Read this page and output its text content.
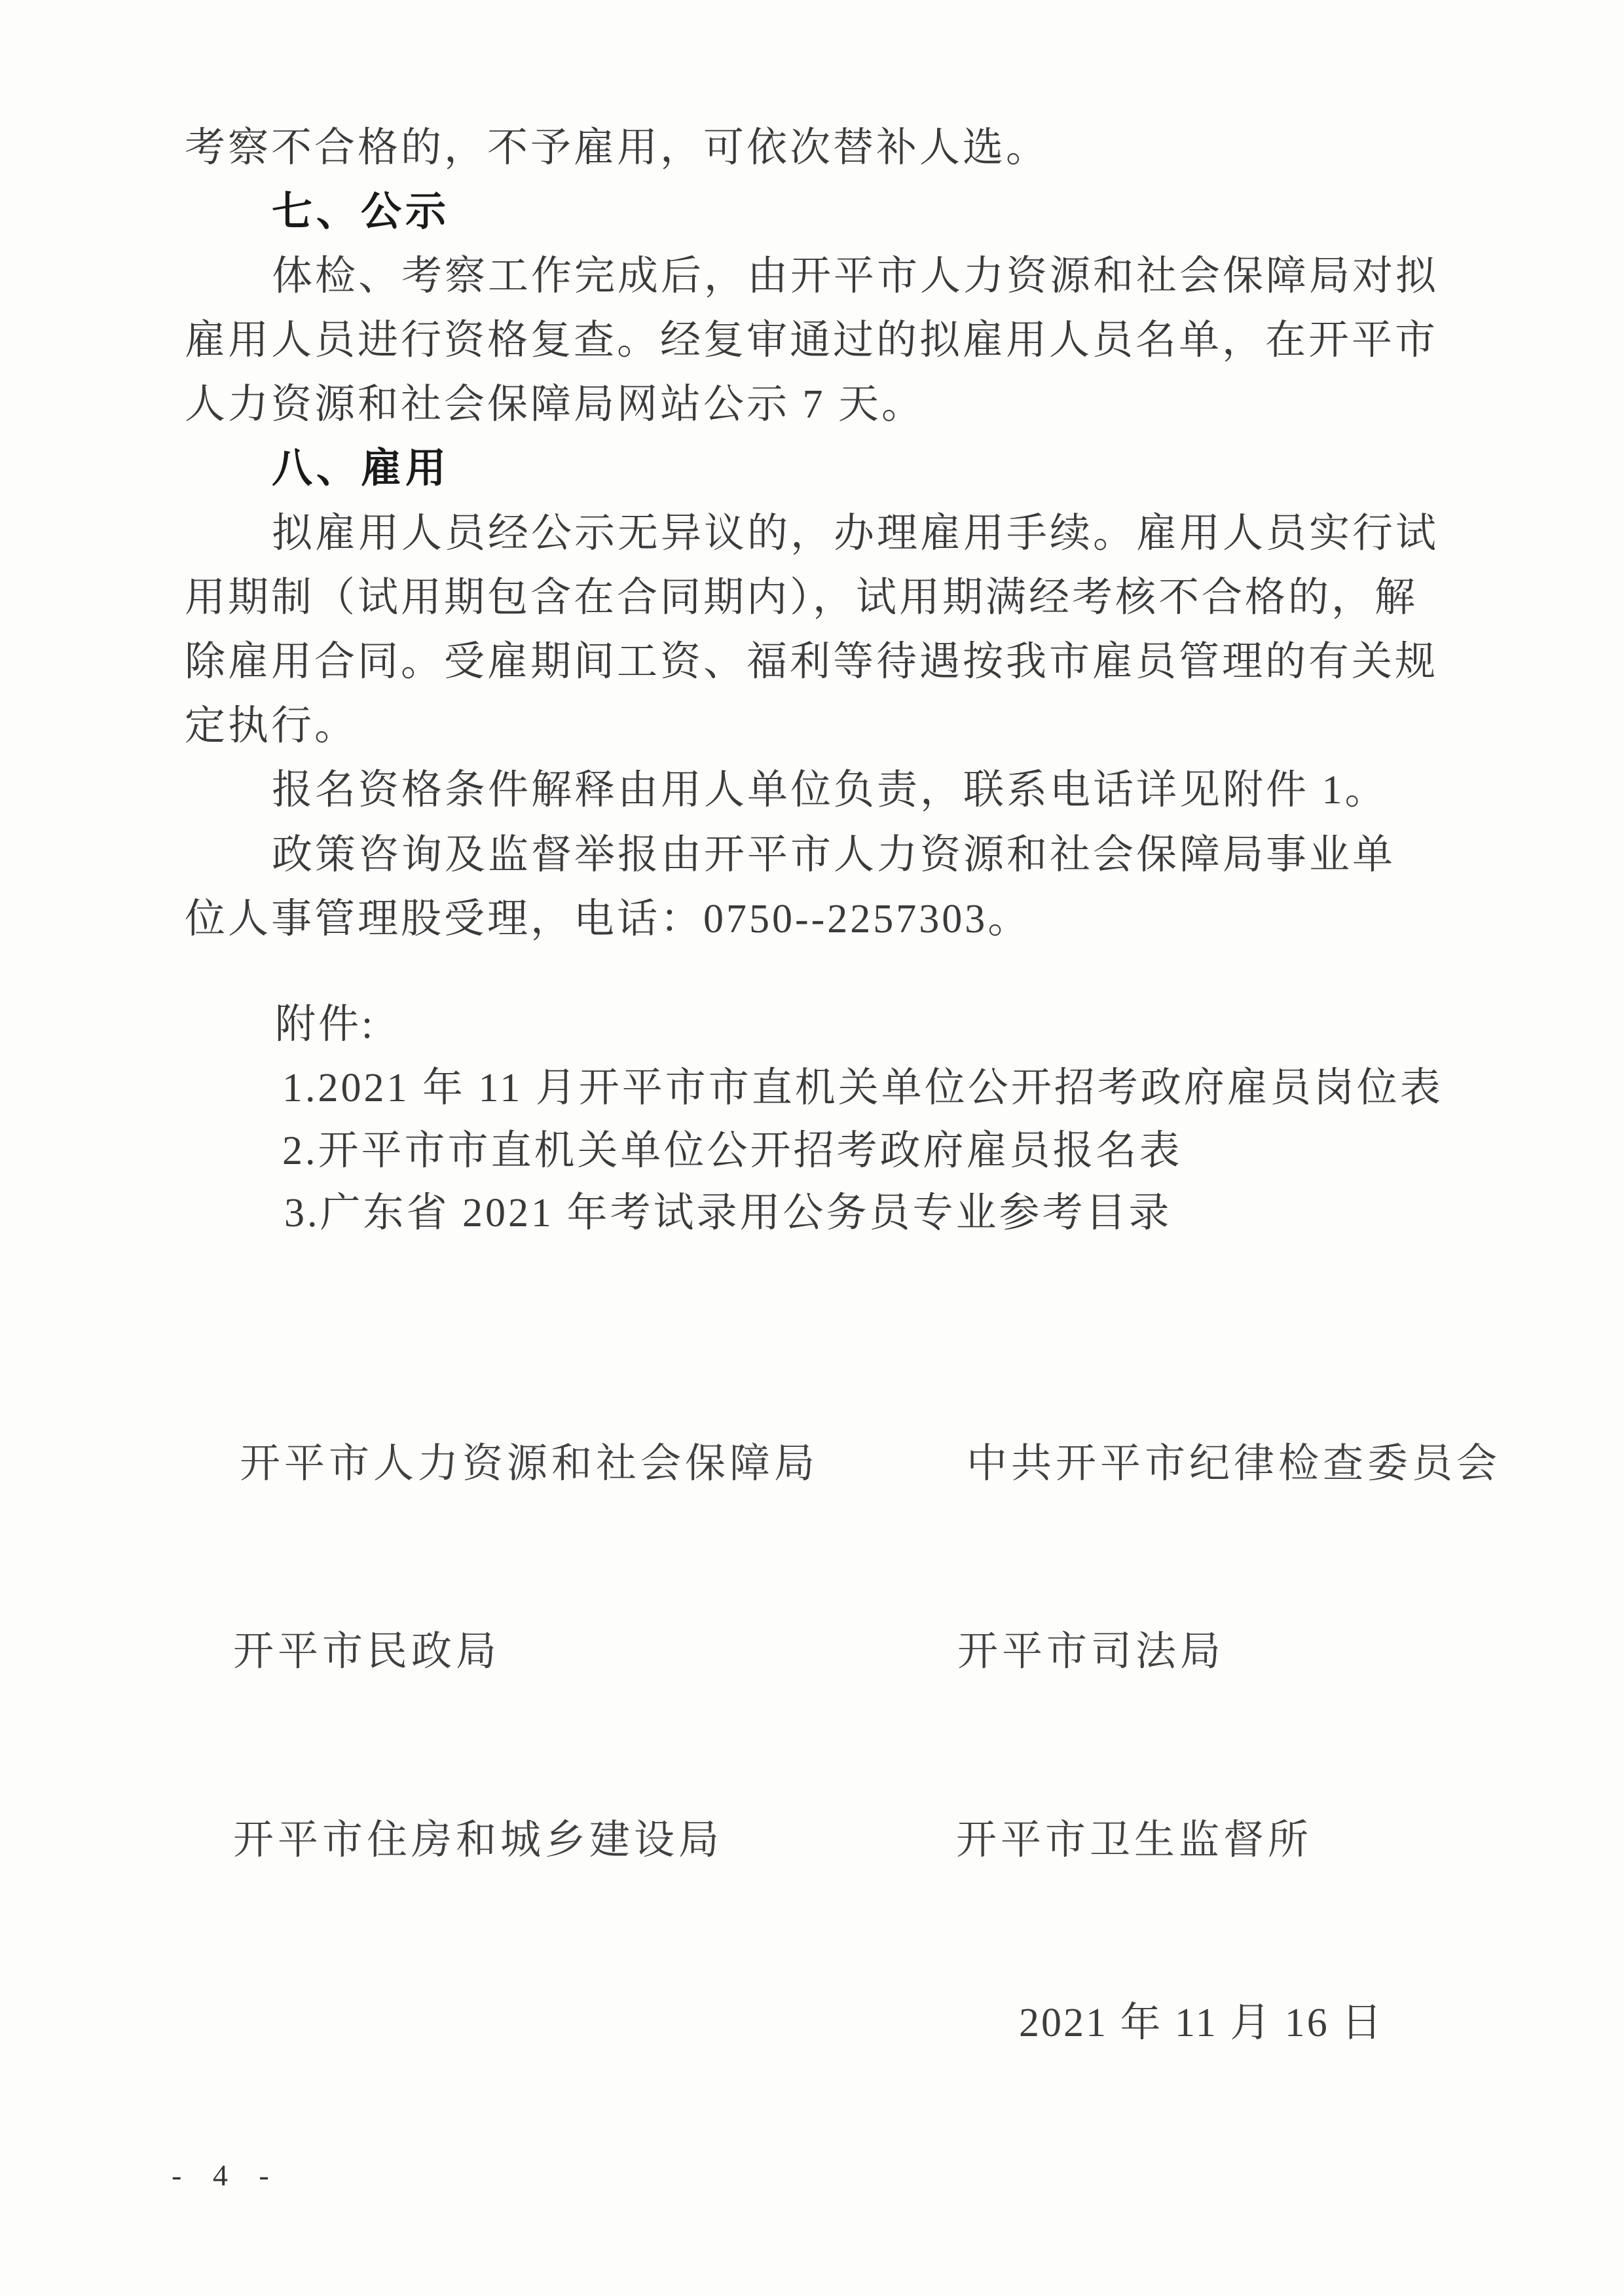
考察不合格的，不予雇用，可依次替补人选。
七、公示
体检、考察工作完成后，由开平市人力资源和社会保障局对拟
雇用人员进行资格复查。经复审通过的拟雇用人员名单，在开平市
人力资源和社会保障局网站公示 7 天。
八、雇用
拟雇用人员经公示无异议的，办理雇用手续。雇用人员实行试
用期制（试用期包含在合同期内），试用期满经考核不合格的，解
除雇用合同。受雇期间工资、福利等待遇按我市雇员管理的有关规
定执行。
报名资格条件解释由用人单位负责，联系电话详见附件 1。
政策咨询及监督举报由开平市人力资源和社会保障局事业单
位人事管理股受理，电话：0750--2257303。
附件:
1.2021 年 11 月开平市市直机关单位公开招考政府雇员岗位表
2.开平市市直机关单位公开招考政府雇员报名表
3.广东省 2021 年考试录用公务员专业参考目录
开平市人力资源和社会保障局	中共开平市纪律检查委员会
开平市民政局	开平市司法局
开平市住房和城乡建设局	开平市卫生监督所
2021 年 11 月 16 日
- 4 -
